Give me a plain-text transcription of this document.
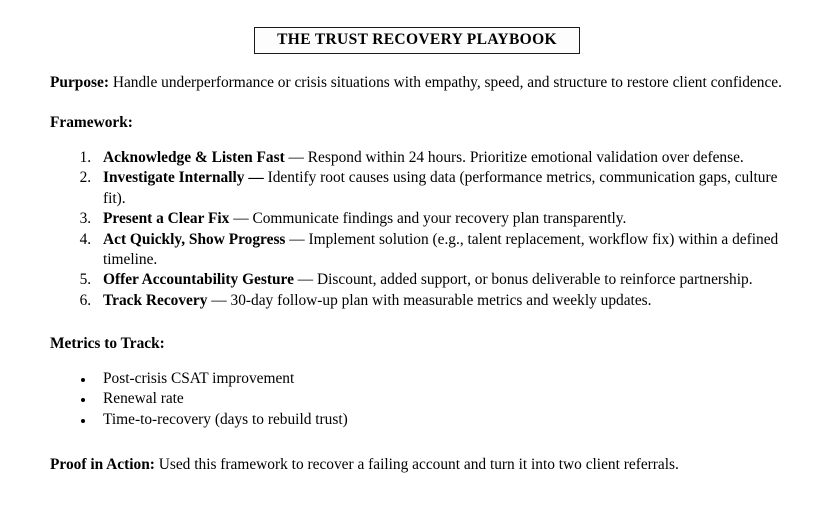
THE TRUST RECOVERY PLAYBOOK

Purpose: Handle underperformance or crisis situations with empathy, speed, and structure to restore client confidence.

Framework:

1. Acknowledge & Listen Fast — Respond within 24 hours. Prioritize emotional validation over defense.
2. Investigate Internally — Identify root causes using data (performance metrics, communication gaps, culture fit).
3. Present a Clear Fix — Communicate findings and your recovery plan transparently.
4. Act Quickly, Show Progress — Implement solution (e.g., talent replacement, workflow fix) within a defined timeline.
5. Offer Accountability Gesture — Discount, added support, or bonus deliverable to reinforce partnership.
6. Track Recovery — 30-day follow-up plan with measurable metrics and weekly updates.

Metrics to Track:

• Post-crisis CSAT improvement
• Renewal rate
• Time-to-recovery (days to rebuild trust)

Proof in Action: Used this framework to recover a failing account and turn it into two client referrals.
